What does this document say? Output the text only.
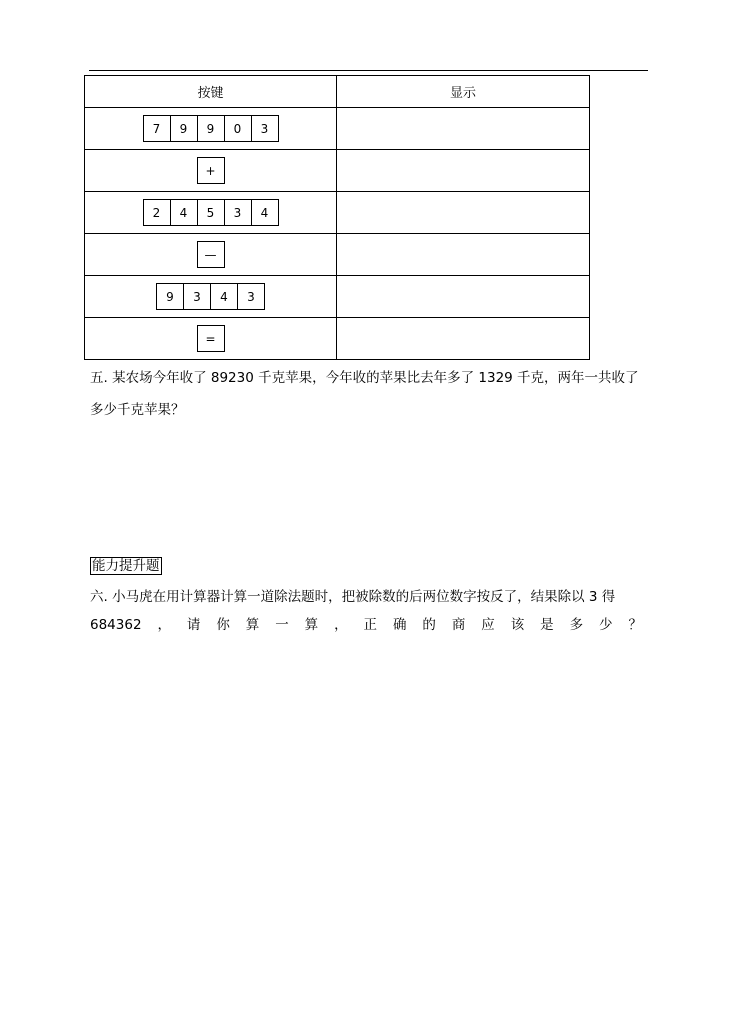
按键	显示

7 9 9 0 3	

+	

2 4 5 3 4	

—	

9 3 4 3	

=	

五. 某农场今年收了 89230 千克苹果，今年收的苹果比去年多了 1329 千克，两年一共收了
多少千克苹果？
能力提升题
六. 小马虎在用计算器计算一道除法题时，把被除数的后两位数字按反了，结果除以 3 得
684362 ， 请 你 算 一 算 ， 正 确 的 商 应 该 是 多 少 ？
